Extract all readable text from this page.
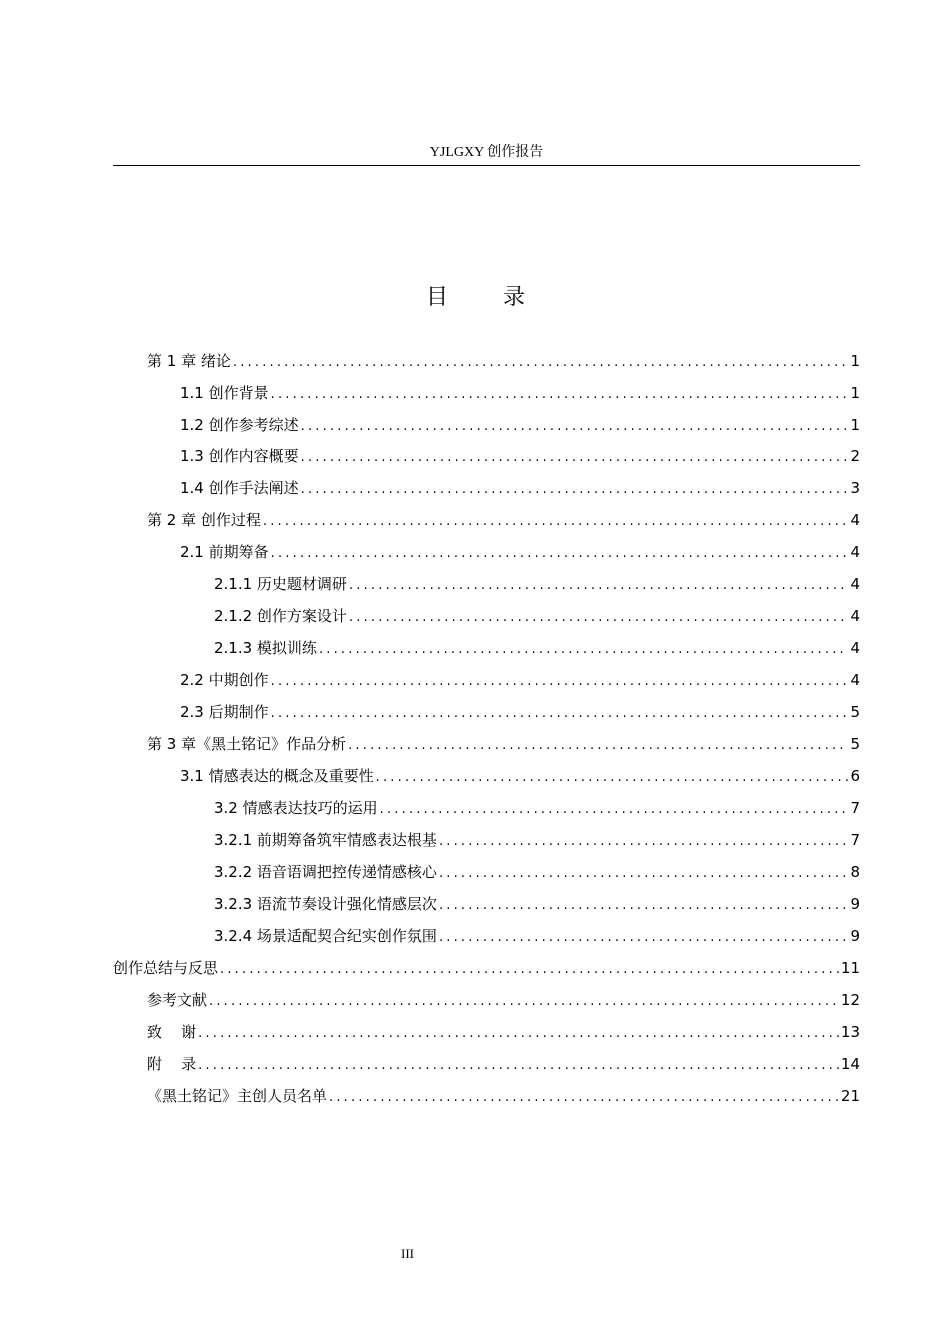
YJLGXY 创作报告
目 录
第 1 章 绪论 .....	1
1.1 创作背景 .....	1
1.2 创作参考综述 .....	1
1.3 创作内容概要 .....	2
1.4 创作手法阐述 .....	3
第 2 章 创作过程 .....	4
2.1 前期筹备 .....	4
2.1.1 历史题材调研 .....	4
2.1.2 创作方案设计 .....	4
2.1.3 模拟训练 .....	4
2.2 中期创作 .....	4
2.3 后期制作 .....	5
第 3 章《黑土铭记》作品分析 .....	5
3.1 情感表达的概念及重要性 .....	6
3.2 情感表达技巧的运用 .....	7
3.2.1 前期筹备筑牢情感表达根基 .....	7
3.2.2 语音语调把控传递情感核心 .....	8
3.2.3 语流节奏设计强化情感层次 .....	9
3.2.4 场景适配契合纪实创作氛围 .....	9
创作总结与反思 .....	11
参考文献 .....	12
致    谢 .....	13
附    录 .....	14
《黑土铭记》主创人员名单 .....	21
III
